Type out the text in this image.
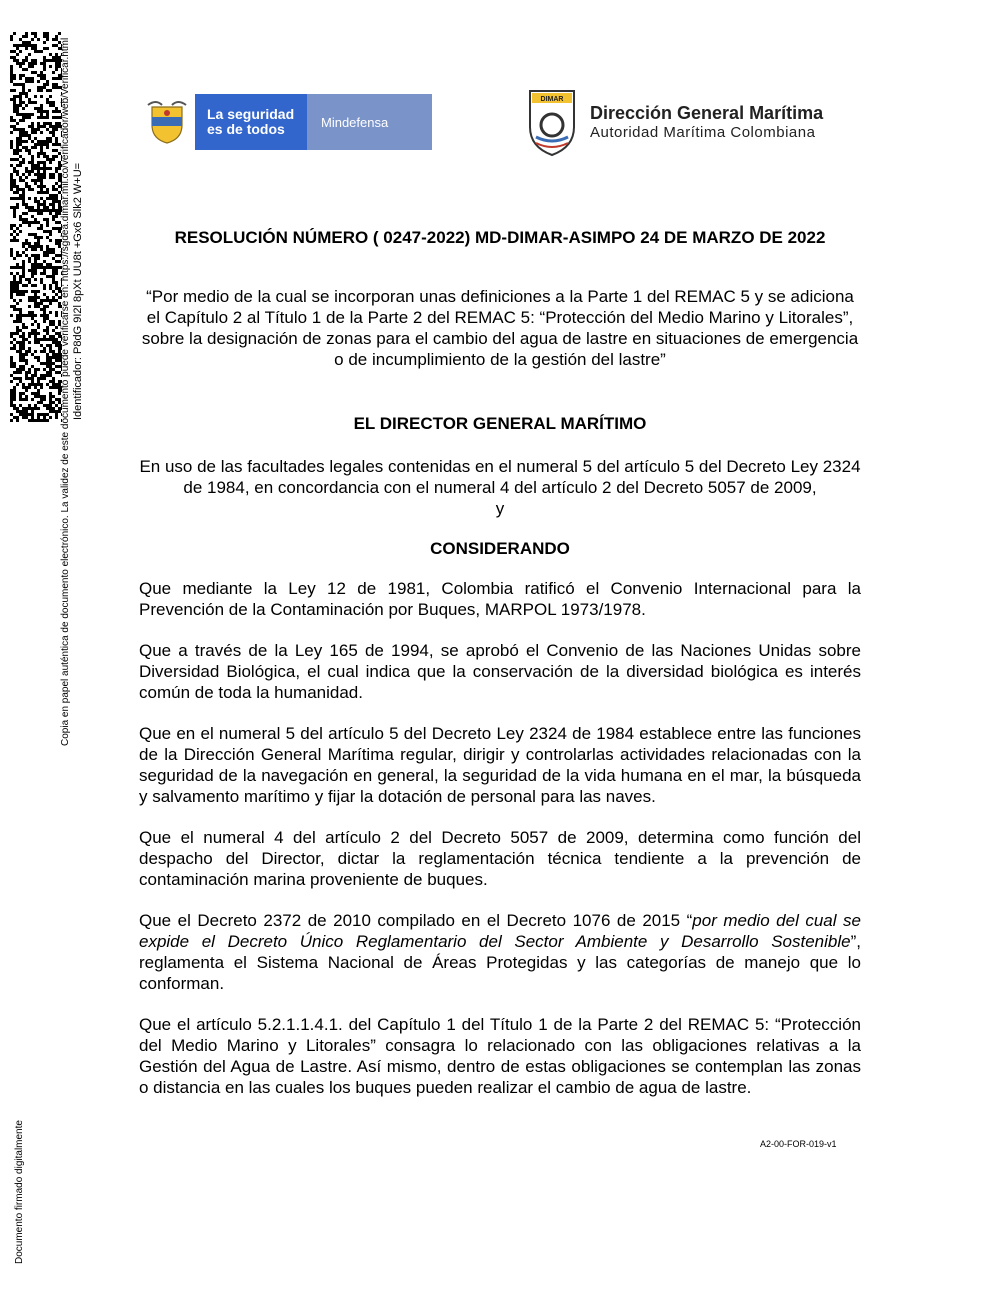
Copia en papel auténtica de documento electrónico. La validez de este documento puede verificarse en: https://sgdea.dimar.mil.co/verificador/web/Verificar.html Identificador: P8dG 9I2l 8pXt UU8t +Gx6 Slk2 W+U=
Documento firmado digitalmente
La seguridad
es de todos	Mindefensa
DIMAR
Dirección General Marítima
Autoridad Marítima Colombiana
RESOLUCIÓN NÚMERO ( 0247-2022) MD-DIMAR-ASIMPO 24 DE MARZO DE 2022

“Por medio de la cual se incorporan unas definiciones a la Parte 1 del REMAC 5 y se adiciona el Capítulo 2 al Título 1 de la Parte 2 del REMAC 5: “Protección del Medio Marino y Litorales”, sobre la designación de zonas para el cambio del agua de lastre en situaciones de emergencia o de incumplimiento de la gestión del lastre”

EL DIRECTOR GENERAL MARÍTIMO

En uso de las facultades legales contenidas en el numeral 5 del artículo 5 del Decreto Ley 2324 de 1984, en concordancia con el numeral 4 del artículo 2 del Decreto 5057 de 2009,

y

CONSIDERANDO

Que mediante la Ley 12 de 1981, Colombia ratificó el Convenio Internacional para la Prevención de la Contaminación por Buques, MARPOL 1973/1978.

Que a través de la Ley 165 de 1994, se aprobó el Convenio de las Naciones Unidas sobre Diversidad Biológica, el cual indica que la conservación de la diversidad biológica es interés común de toda la humanidad.

Que en el numeral 5 del artículo 5 del Decreto Ley 2324 de 1984 establece entre las funciones de la Dirección General Marítima regular, dirigir y controlarlas actividades relacionadas con la seguridad de la navegación en general, la seguridad de la vida humana en el mar, la búsqueda y salvamento marítimo y fijar la dotación de personal para las naves.

Que el numeral 4 del artículo 2 del Decreto 5057 de 2009, determina como función del despacho del Director, dictar la reglamentación técnica tendiente a la prevención de contaminación marina proveniente de buques.

Que el Decreto 2372 de 2010 compilado en el Decreto 1076 de 2015 “por medio del cual se expide el Decreto Único Reglamentario del Sector Ambiente y Desarrollo Sostenible”, reglamenta el Sistema Nacional de Áreas Protegidas y las categorías de manejo que lo conforman.

Que el artículo 5.2.1.1.4.1. del Capítulo 1 del Título 1 de la Parte 2 del REMAC 5: “Protección del Medio Marino y Litorales” consagra lo relacionado con las obligaciones relativas a la Gestión del Agua de Lastre. Así mismo, dentro de estas obligaciones se contemplan las zonas o distancia en las cuales los buques pueden realizar el cambio de agua de lastre.

A2-00-FOR-019-v1
